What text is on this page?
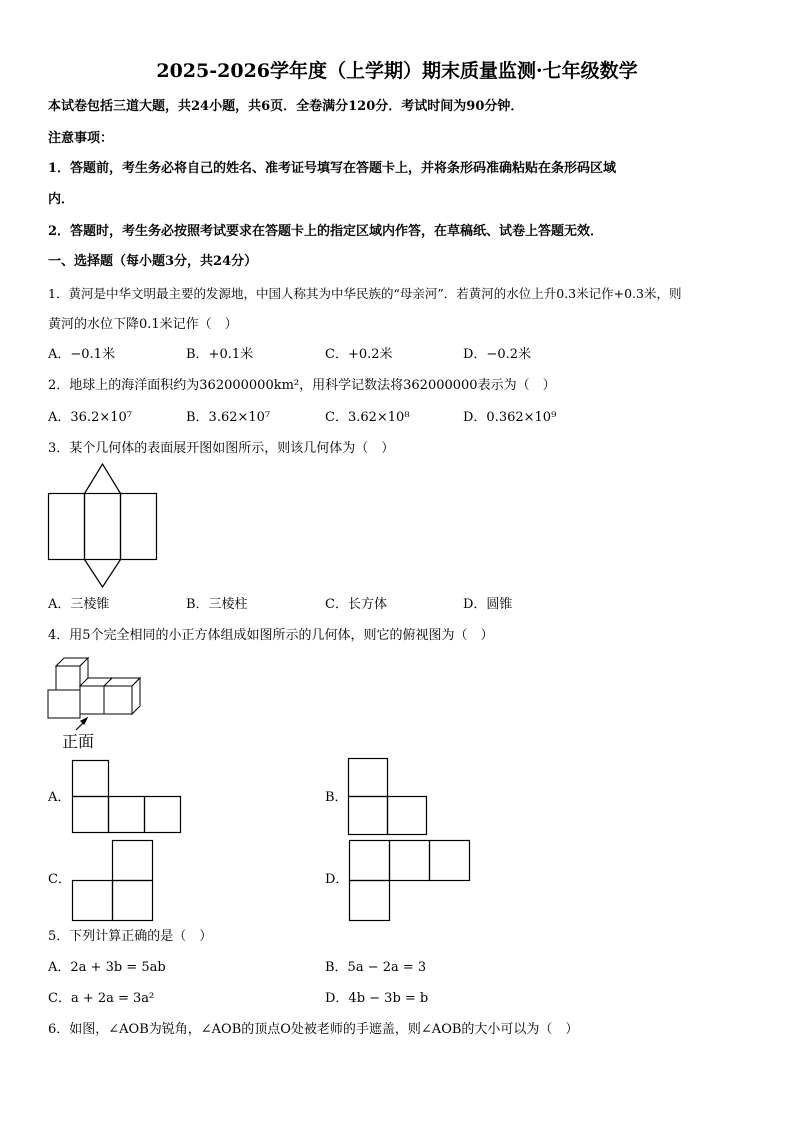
2025-2026学年度（上学期）期末质量监测·七年级数学
本试卷包括三道大题，共24小题，共6页．全卷满分120分．考试时间为90分钟．
注意事项：
1．答题前，考生务必将自己的姓名、准考证号填写在答题卡上，并将条形码准确粘贴在条形码区域
内．
2．答题时，考生务必按照考试要求在答题卡上的指定区域内作答，在草稿纸、试卷上答题无效．
一、选择题（每小题3分，共24分）
1．黄河是中华文明最主要的发源地，中国人称其为中华民族的“母亲河”．若黄河的水位上升0.3米记作+0.3米，则
黄河的水位下降0.1米记作（　）
A．−0.1米	B．+0.1米	C．+0.2米	D．−0.2米
2．地球上的海洋面积约为362000000km²，用科学记数法将362000000表示为（　）
A．36.2×10⁷	B．3.62×10⁷	C．3.62×10⁸	D．0.362×10⁹
3．某个几何体的表面展开图如图所示，则该几何体为（　）
A．三棱锥	B．三棱柱	C．长方体	D．圆锥
4．用5个完全相同的小正方体组成如图所示的几何体，则它的俯视图为（　）
正面
A．	B．
C．	D．
5．下列计算正确的是（　）
A．2a + 3b = 5ab	B．5a − 2a = 3
C．a + 2a = 3a²	D．4b − 3b = b
6．如图，∠AOB为锐角，∠AOB的顶点O处被老师的手遮盖，则∠AOB的大小可以为（　）
